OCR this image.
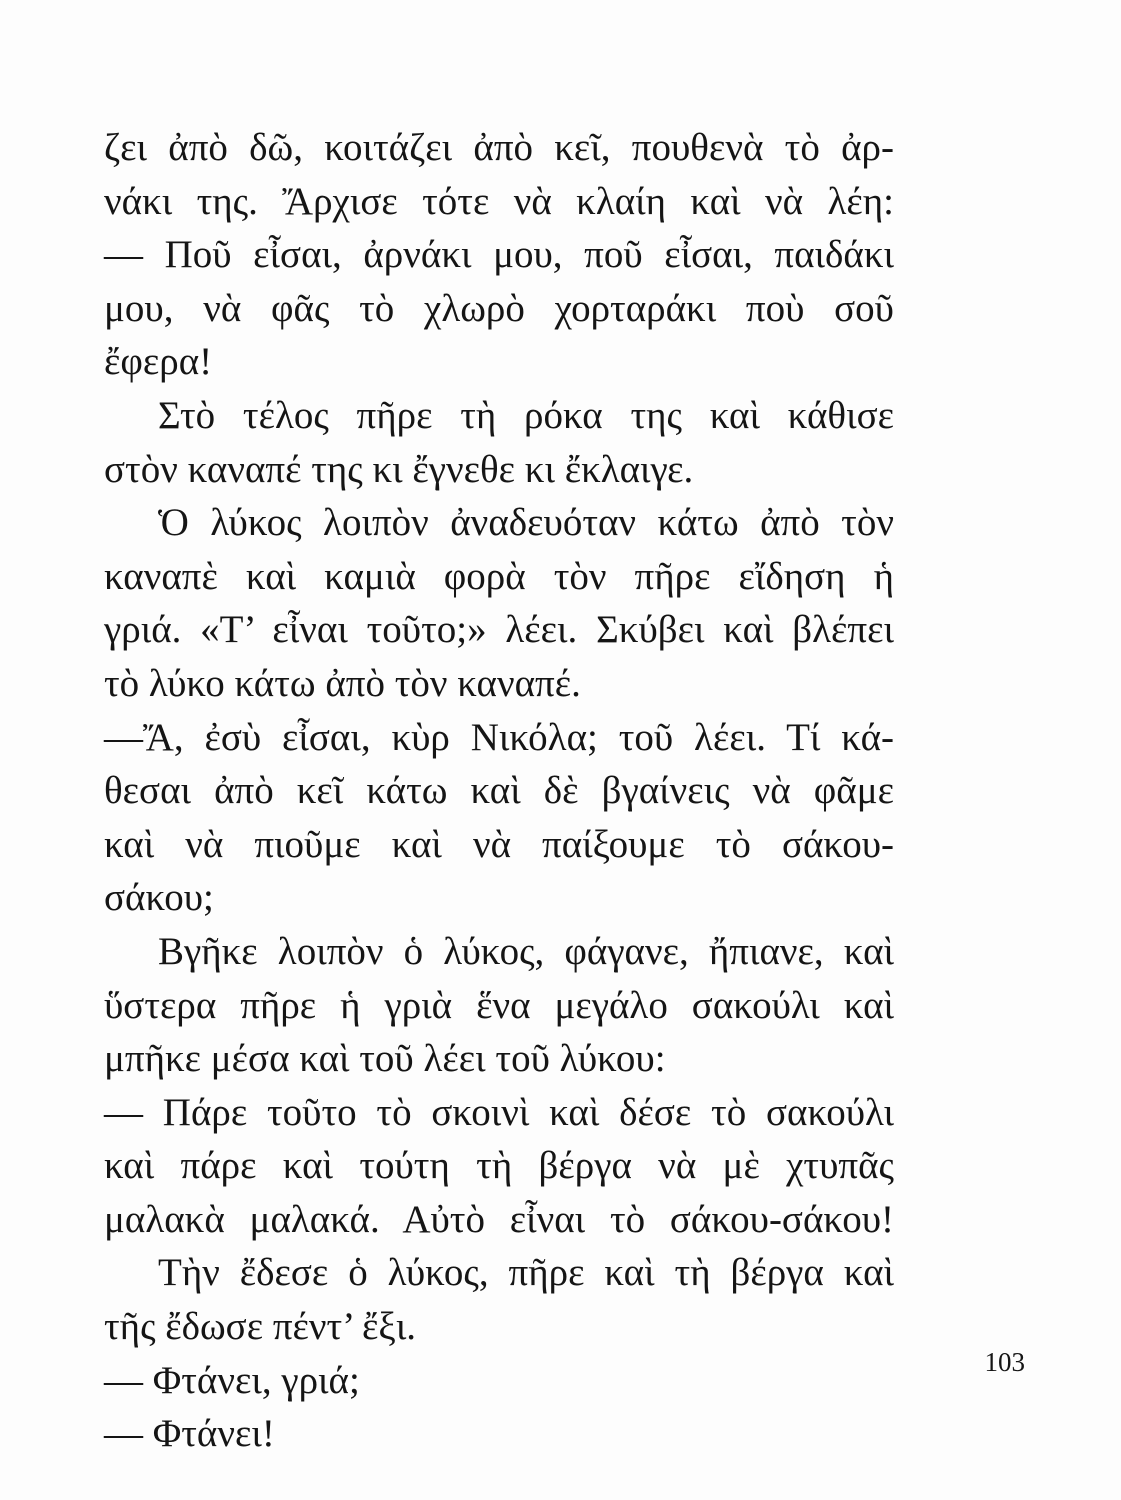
ζει ἀπὸ δῶ, κοιτάζει ἀπὸ κεῖ, πουθενὰ τὸ ἀρ-
νάκι της. Ἄρχισε τότε νὰ κλαίη καὶ νὰ λέη:
— Ποῦ εἶσαι, ἀρνάκι μου, ποῦ εἶσαι, παιδάκι
μου, νὰ φᾶς τὸ χλωρὸ χορταράκι ποὺ σοῦ
ἔφερα!
Στὸ τέλος πῆρε τὴ ρόκα της καὶ κάθισε
στὸν καναπέ της κι ἔγνεθε κι ἔκλαιγε.
Ὁ λύκος λοιπὸν ἀναδευόταν κάτω ἀπὸ τὸν
καναπὲ καὶ καμιὰ φορὰ τὸν πῆρε εἴδηση ἡ
γριά. «Τ’ εἶναι τοῦτο;» λέει. Σκύβει καὶ βλέπει
τὸ λύκο κάτω ἀπὸ τὸν καναπέ.
—Ἄ, ἐσὺ εἶσαι, κὺρ Νικόλα; τοῦ λέει. Τί κά-
θεσαι ἀπὸ κεῖ κάτω καὶ δὲ βγαίνεις νὰ φᾶμε
καὶ νὰ πιοῦμε καὶ νὰ παίξουμε τὸ σάκου-
σάκου;
Βγῆκε λοιπὸν ὁ λύκος, φάγανε, ἤπιανε, καὶ
ὕστερα πῆρε ἡ γριὰ ἕνα μεγάλο σακούλι καὶ
μπῆκε μέσα καὶ τοῦ λέει τοῦ λύκου:
— Πάρε τοῦτο τὸ σκοινὶ καὶ δέσε τὸ σακούλι
καὶ πάρε καὶ τούτη τὴ βέργα νὰ μὲ χτυπᾶς
μαλακὰ μαλακά. Αὐτὸ εἶναι τὸ σάκου-σάκου!
Τὴν ἔδεσε ὁ λύκος, πῆρε καὶ τὴ βέργα καὶ
τῆς ἔδωσε πέντ’ ἔξι.
— Φτάνει, γριά;
— Φτάνει!
103
